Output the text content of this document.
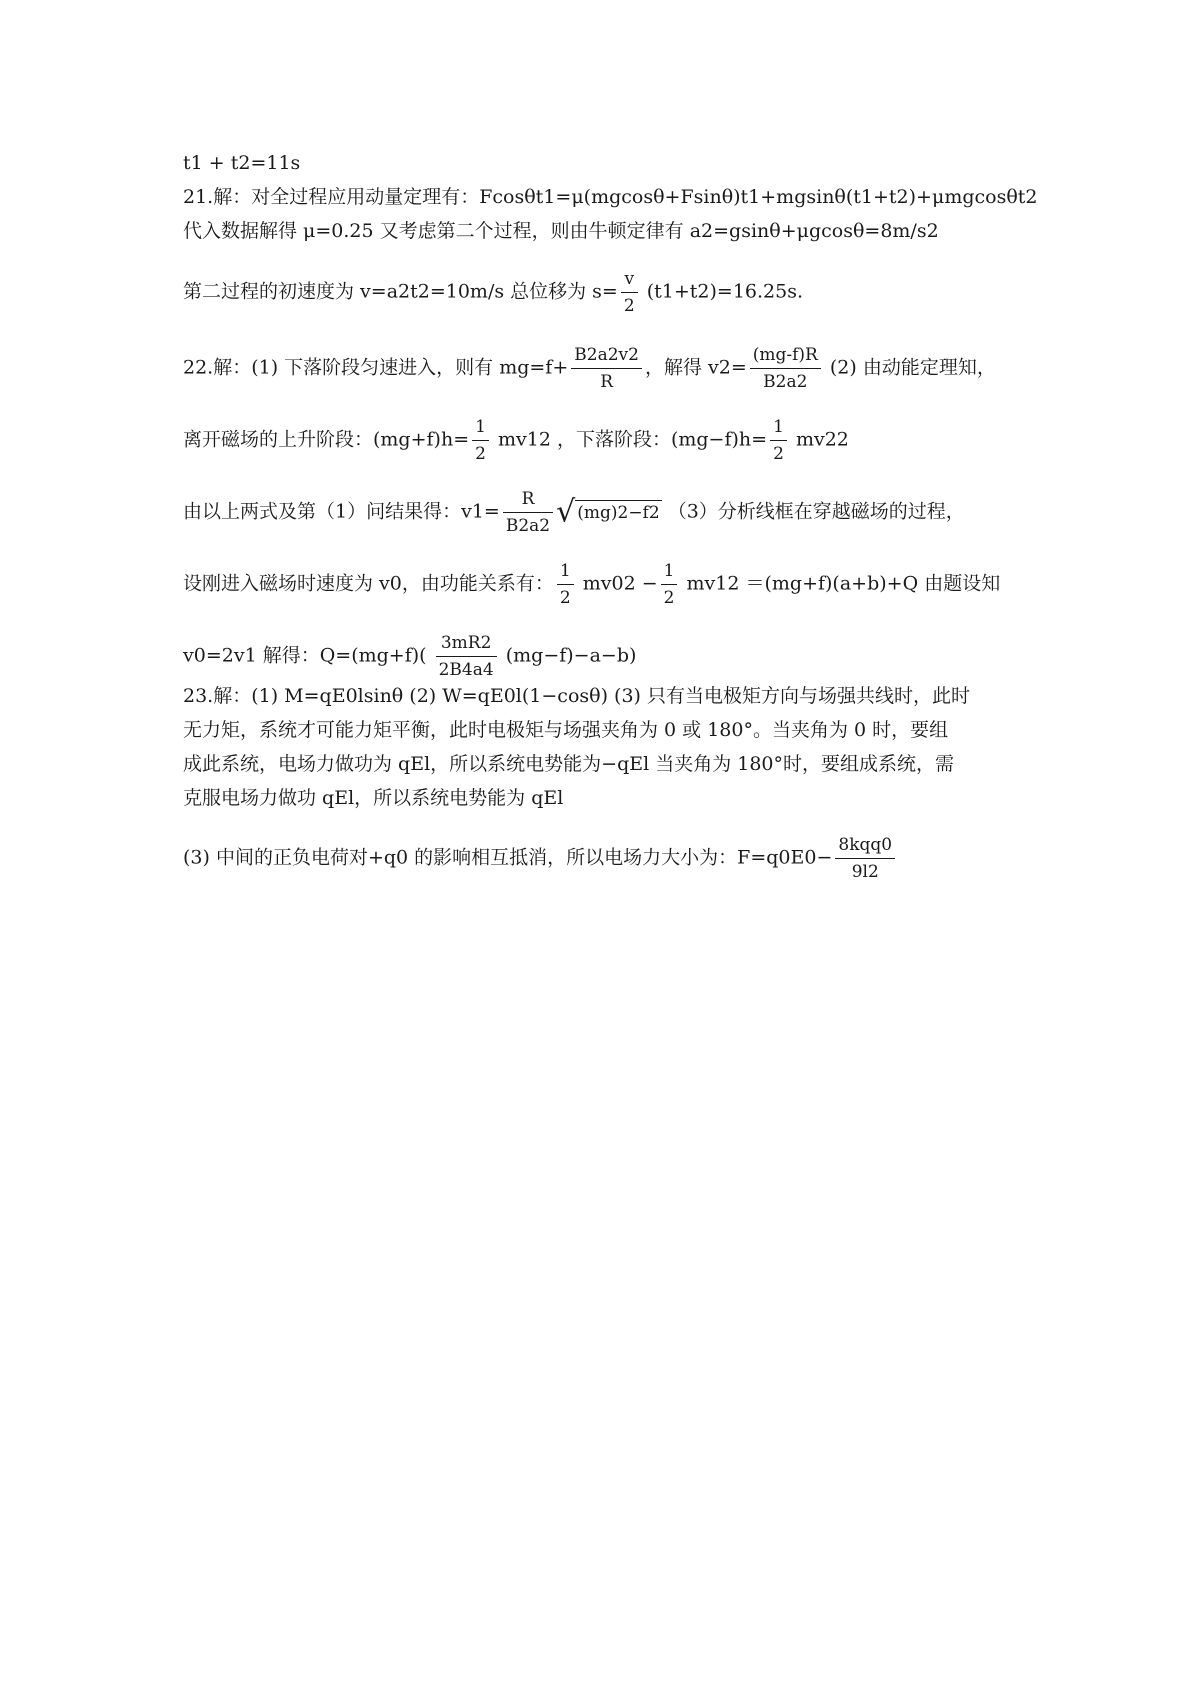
t1 + t2=11s
21.解：对全过程应用动量定理有：Fcosθt1=μ(mgcosθ+Fsinθ)t1+mgsinθ(t1+t2)+μmgcosθt2
代入数据解得 μ=0.25 又考虑第二个过程，则由牛顿定律有 a2=gsinθ+μgcosθ=8m/s2
第二过程的初速度为 v=a2t2=10m/s 总位移为 $s= \frac{v}{2} (t1+t2)=16.25s$.
22.解：(1) 下落阶段匀速进入，则有 $mg=f+ \frac{B2a2v2}{R}$ ，解得 $v2= \frac{(mg-f)R}{B2a2} (2)$ 由动能定理知，
离开磁场的上升阶段：$(mg+f)h= \frac{1}{2} mv12$ ，下落阶段：$(mg-f)h= \frac{1}{2} mv22$
由以上两式及第（1）问结果得：$v1= \frac{R}{B2a2}$ √ (mg)2−f2 （3）分析线框在穿越磁场的过程，
设刚进入磁场时速度为 v0，由功能关系有： $\frac{1}{2} mv02 - \frac{1}{2} mv12 =(mg+f)(a+b)+Q$ 由题设知
v0=2v1 解得：$Q=(mg+f)( \frac{3mR2}{2B4a4} (mg-f)-a-b)$
23.解：(1) M=qE0lsinθ (2) W=qE0l(1−cosθ) (3) 只有当电极矩方向与场强共线时，此时
无力矩，系统才可能力矩平衡，此时电极矩与场强夹角为 0 或 180°。当夹角为 0 时，要组
成此系统，电场力做功为 qEl，所以系统电势能为−qEl 当夹角为 180°时，要组成系统，需
克服电场力做功 qEl，所以系统电势能为 qEl
(3) 中间的正负电荷对+q0 的影响相互抵消，所以电场力大小为：$F=q0E0- \frac{\text{8kqq0}}{9l2}$
